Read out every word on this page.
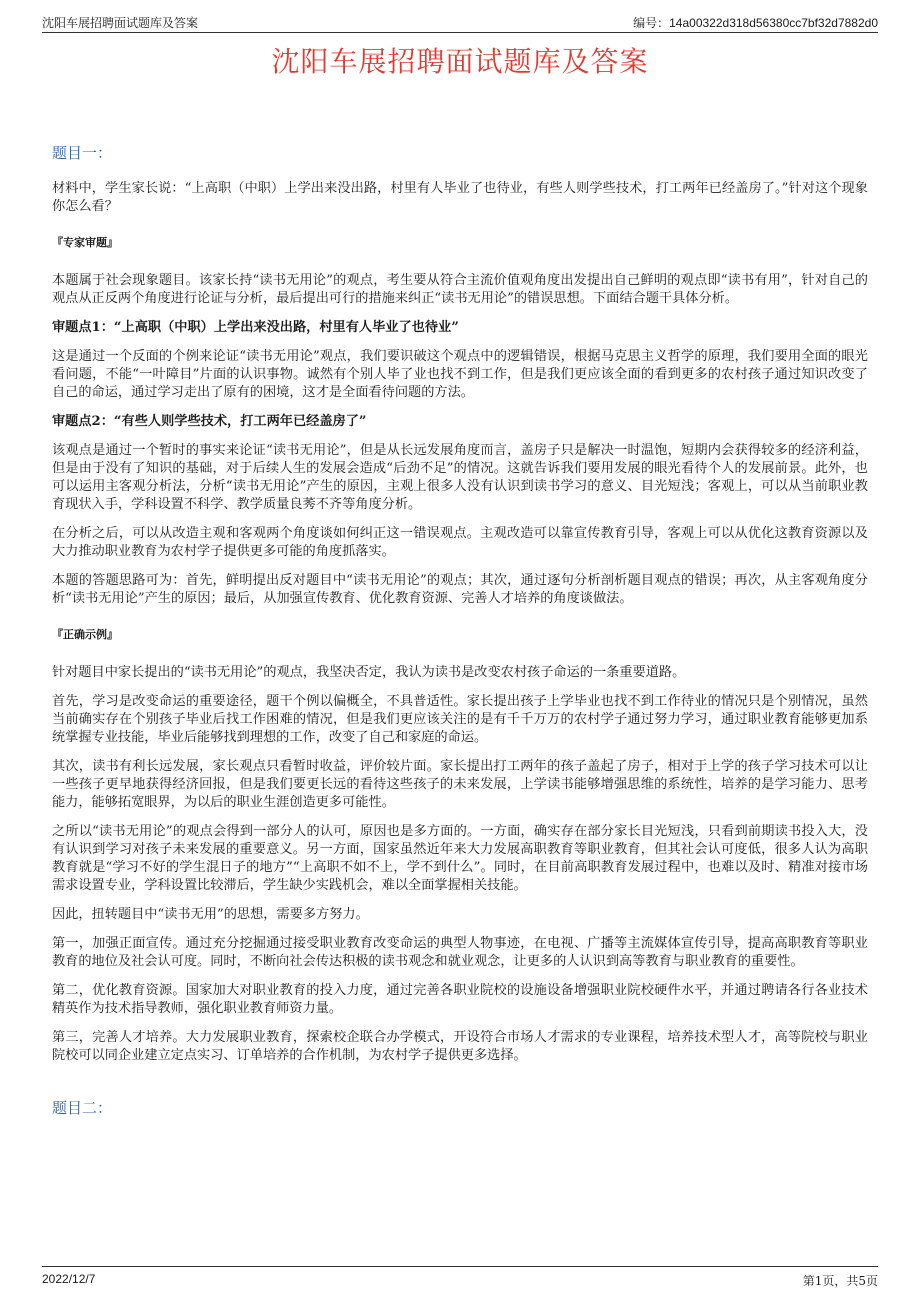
沈阳车展招聘面试题库及答案	编号：14a00322d318d56380cc7bf32d7882d0
沈阳车展招聘面试题库及答案
题目一：

材料中，学生家长说：“上高职（中职）上学出来没出路，村里有人毕业了也待业，有些人则学些技术，打工两年已经盖房了。”针对这个现象你怎么看？

『专家审题』

本题属于社会现象题目。该家长持“读书无用论”的观点，考生要从符合主流价值观角度出发提出自己鲜明的观点即“读书有用”，针对自己的观点从正反两个角度进行论证与分析，最后提出可行的措施来纠正“读书无用论”的错误思想。下面结合题干具体分析。

审题点1：“上高职（中职）上学出来没出路，村里有人毕业了也待业”

这是通过一个反面的个例来论证“读书无用论”观点，我们要识破这个观点中的逻辑错误，根据马克思主义哲学的原理，我们要用全面的眼光看问题，不能“一叶障目”片面的认识事物。诚然有个别人毕了业也找不到工作，但是我们更应该全面的看到更多的农村孩子通过知识改变了自己的命运，通过学习走出了原有的困境，这才是全面看待问题的方法。

审题点2：“有些人则学些技术，打工两年已经盖房了”

该观点是通过一个暂时的事实来论证“读书无用论”，但是从长远发展角度而言，盖房子只是解决一时温饱，短期内会获得较多的经济利益，但是由于没有了知识的基础，对于后续人生的发展会造成“后劲不足”的情况。这就告诉我们要用发展的眼光看待个人的发展前景。此外，也可以运用主客观分析法，分析“读书无用论”产生的原因，主观上很多人没有认识到读书学习的意义、目光短浅；客观上，可以从当前职业教育现状入手，学科设置不科学、教学质量良莠不齐等角度分析。

在分析之后，可以从改造主观和客观两个角度谈如何纠正这一错误观点。主观改造可以靠宣传教育引导，客观上可以从优化这教育资源以及大力推动职业教育为农村学子提供更多可能的角度抓落实。

本题的答题思路可为：首先，鲜明提出反对题目中“读书无用论”的观点；其次，通过逐句分析剖析题目观点的错误；再次，从主客观角度分析“读书无用论”产生的原因；最后，从加强宣传教育、优化教育资源、完善人才培养的角度谈做法。

『正确示例』

针对题目中家长提出的“读书无用论”的观点，我坚决否定，我认为读书是改变农村孩子命运的一条重要道路。

首先，学习是改变命运的重要途径，题干个例以偏概全，不具普适性。家长提出孩子上学毕业也找不到工作待业的情况只是个别情况，虽然当前确实存在个别孩子毕业后找工作困难的情况，但是我们更应该关注的是有千千万万的农村学子通过努力学习，通过职业教育能够更加系统掌握专业技能，毕业后能够找到理想的工作，改变了自己和家庭的命运。

其次，读书有利长远发展，家长观点只看暂时收益，评价较片面。家长提出打工两年的孩子盖起了房子，相对于上学的孩子学习技术可以让一些孩子更早地获得经济回报，但是我们要更长远的看待这些孩子的未来发展，上学读书能够增强思维的系统性，培养的是学习能力、思考能力，能够拓宽眼界，为以后的职业生涯创造更多可能性。

之所以“读书无用论”的观点会得到一部分人的认可，原因也是多方面的。一方面，确实存在部分家长目光短浅，只看到前期读书投入大，没有认识到学习对孩子未来发展的重要意义。另一方面，国家虽然近年来大力发展高职教育等职业教育，但其社会认可度低，很多人认为高职教育就是“学习不好的学生混日子的地方”“上高职不如不上，学不到什么”。同时，在目前高职教育发展过程中，也难以及时、精准对接市场需求设置专业，学科设置比较滞后，学生缺少实践机会，难以全面掌握相关技能。

因此，扭转题目中“读书无用”的思想，需要多方努力。

第一，加强正面宣传。通过充分挖掘通过接受职业教育改变命运的典型人物事迹，在电视、广播等主流媒体宣传引导，提高高职教育等职业教育的地位及社会认可度。同时，不断向社会传达积极的读书观念和就业观念，让更多的人认识到高等教育与职业教育的重要性。

第二，优化教育资源。国家加大对职业教育的投入力度，通过完善各职业院校的设施设备增强职业院校硬件水平，并通过聘请各行各业技术精英作为技术指导教师，强化职业教育师资力量。

第三，完善人才培养。大力发展职业教育，探索校企联合办学模式，开设符合市场人才需求的专业课程，培养技术型人才，高等院校与职业院校可以同企业建立定点实习、订单培养的合作机制，为农村学子提供更多选择。

题目二：
2022/12/7	第1页，共5页
